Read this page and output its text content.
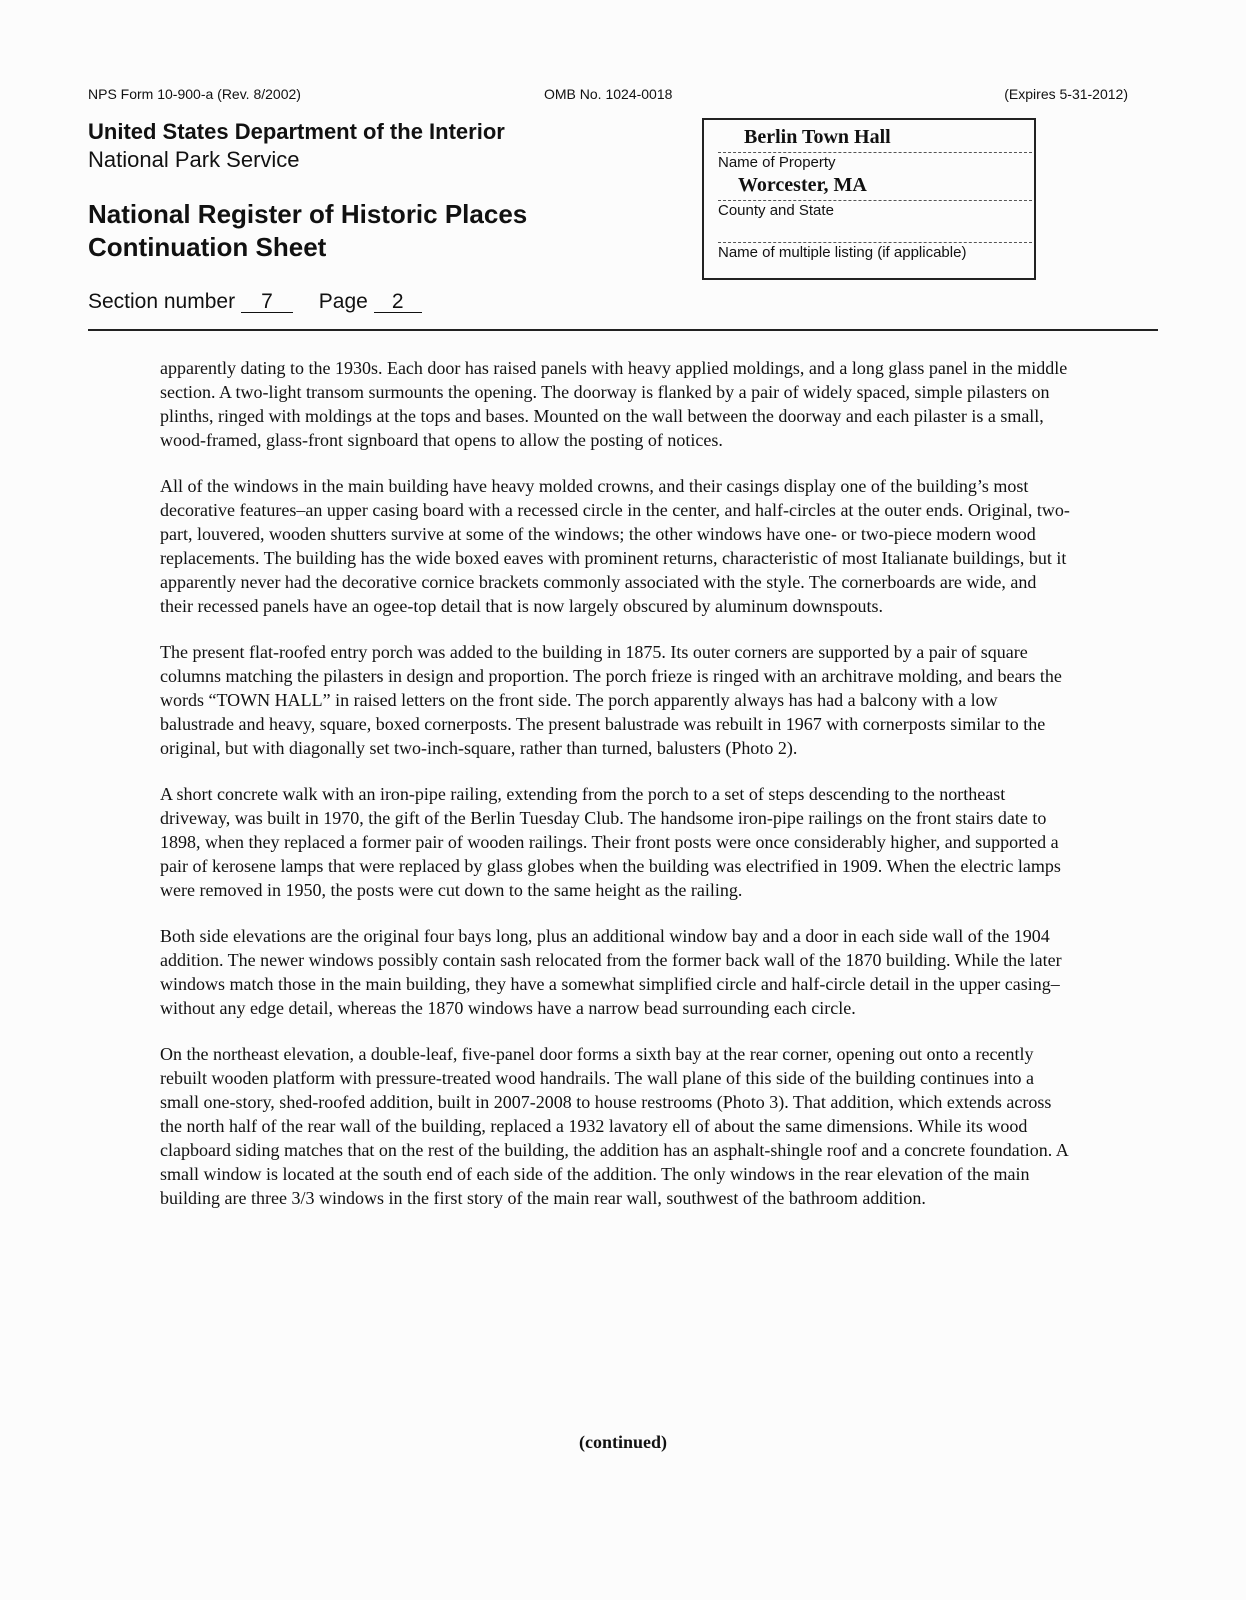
NPS Form 10-900-a (Rev. 8/2002)	OMB No. 1024-0018	(Expires 5-31-2012)
United States Department of the Interior
National Park Service
National Register of Historic Places
Continuation Sheet
Section number 7 Page 2
Berlin Town Hall
Name of Property
Worcester, MA
County and State
Name of multiple listing (if applicable)

apparently dating to the 1930s. Each door has raised panels with heavy applied moldings, and a long glass panel in the middle section. A two-light transom surmounts the opening. The doorway is flanked by a pair of widely spaced, simple pilasters on plinths, ringed with moldings at the tops and bases. Mounted on the wall between the doorway and each pilaster is a small, wood-framed, glass-front signboard that opens to allow the posting of notices.

All of the windows in the main building have heavy molded crowns, and their casings display one of the building’s most decorative features–an upper casing board with a recessed circle in the center, and half-circles at the outer ends. Original, two-part, louvered, wooden shutters survive at some of the windows; the other windows have one- or two-piece modern wood replacements. The building has the wide boxed eaves with prominent returns, characteristic of most Italianate buildings, but it apparently never had the decorative cornice brackets commonly associated with the style. The cornerboards are wide, and their recessed panels have an ogee-top detail that is now largely obscured by aluminum downspouts.

The present flat-roofed entry porch was added to the building in 1875. Its outer corners are supported by a pair of square columns matching the pilasters in design and proportion. The porch frieze is ringed with an architrave molding, and bears the words “TOWN HALL” in raised letters on the front side. The porch apparently always has had a balcony with a low balustrade and heavy, square, boxed cornerposts. The present balustrade was rebuilt in 1967 with cornerposts similar to the original, but with diagonally set two-inch-square, rather than turned, balusters (Photo 2).

A short concrete walk with an iron-pipe railing, extending from the porch to a set of steps descending to the northeast driveway, was built in 1970, the gift of the Berlin Tuesday Club. The handsome iron-pipe railings on the front stairs date to 1898, when they replaced a former pair of wooden railings. Their front posts were once considerably higher, and supported a pair of kerosene lamps that were replaced by glass globes when the building was electrified in 1909. When the electric lamps were removed in 1950, the posts were cut down to the same height as the railing.

Both side elevations are the original four bays long, plus an additional window bay and a door in each side wall of the 1904 addition. The newer windows possibly contain sash relocated from the former back wall of the 1870 building. While the later windows match those in the main building, they have a somewhat simplified circle and half-circle detail in the upper casing–without any edge detail, whereas the 1870 windows have a narrow bead surrounding each circle.

On the northeast elevation, a double-leaf, five-panel door forms a sixth bay at the rear corner, opening out onto a recently rebuilt wooden platform with pressure-treated wood handrails. The wall plane of this side of the building continues into a small one-story, shed-roofed addition, built in 2007-2008 to house restrooms (Photo 3). That addition, which extends across the north half of the rear wall of the building, replaced a 1932 lavatory ell of about the same dimensions. While its wood clapboard siding matches that on the rest of the building, the addition has an asphalt-shingle roof and a concrete foundation. A small window is located at the south end of each side of the addition. The only windows in the rear elevation of the main building are three 3/3 windows in the first story of the main rear wall, southwest of the bathroom addition.

(continued)
